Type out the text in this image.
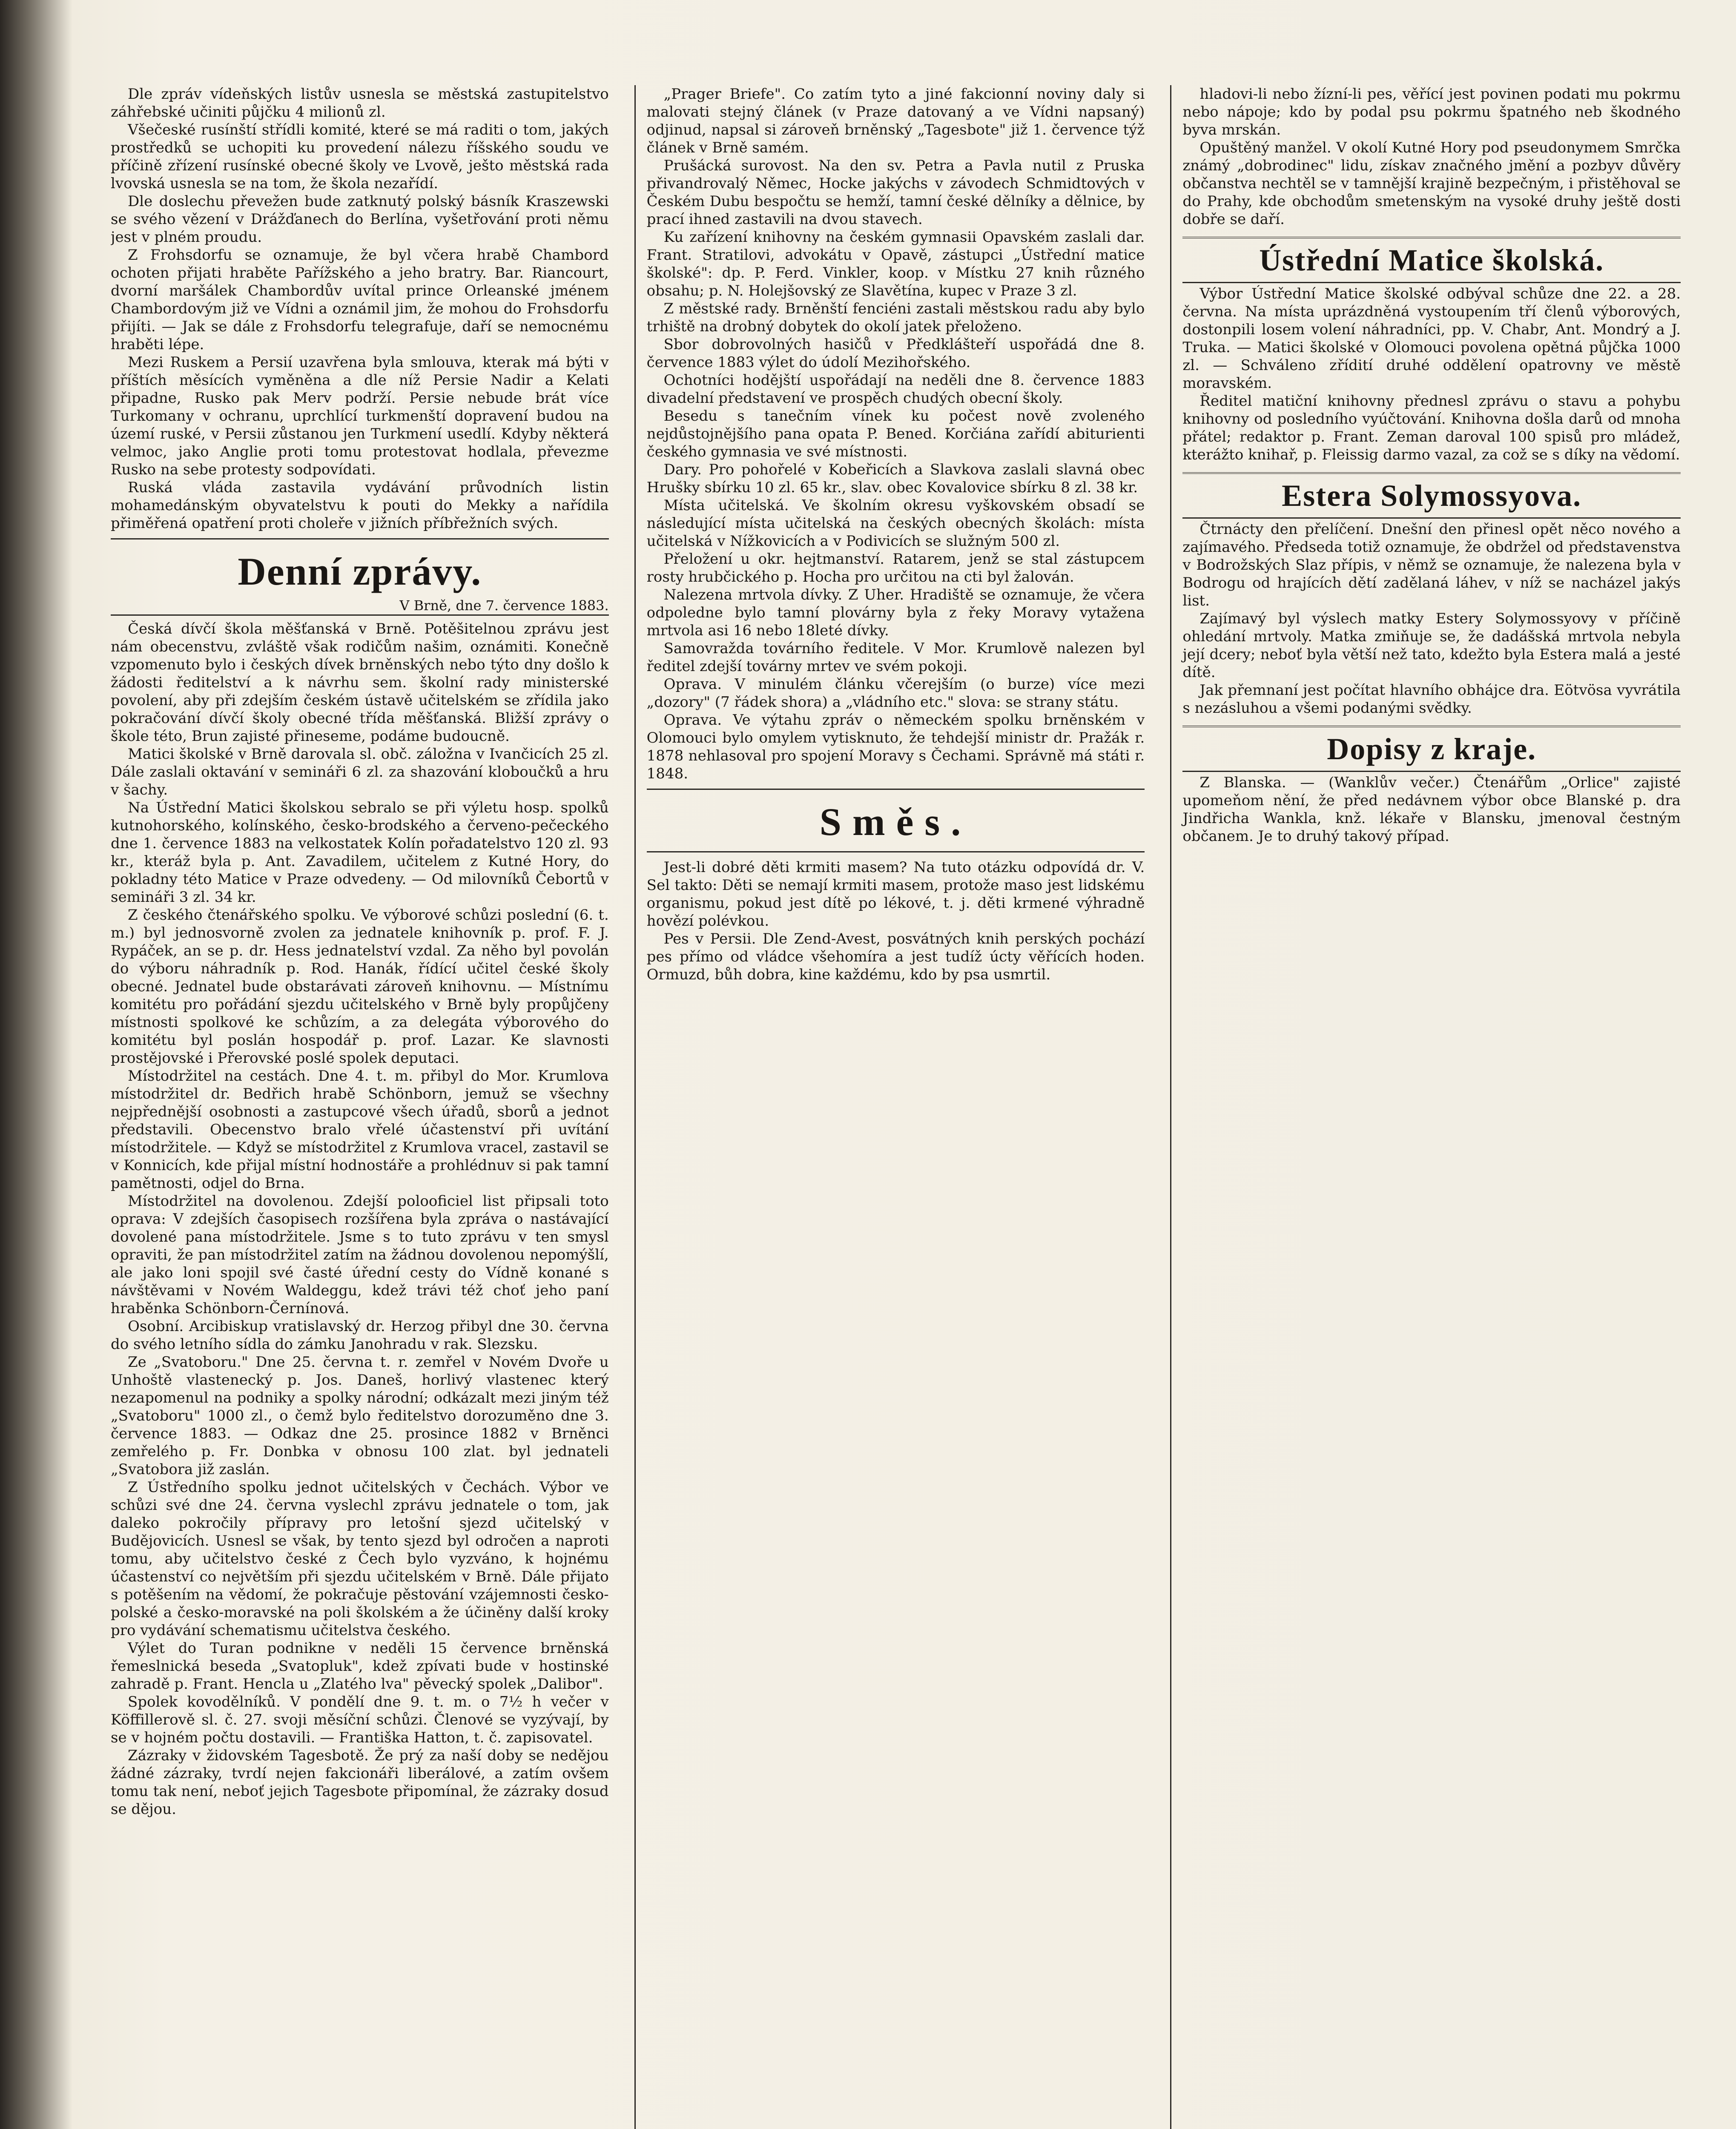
Dle zpráv vídeňských listův usnesla se městská zastupitelstvo záhřebské učiniti půjčku 4 milionů zl.

Všečeské rusínští střídli komité, které se má raditi o tom, jakých prostředků se uchopiti ku provedení nálezu říšského soudu ve příčině zřízení rusínské obecné školy ve Lvově, ješto městská rada lvovská usnesla se na tom, že škola nezařídí.

Dle doslechu převežen bude zatknutý polský básník Kraszewski se svého vězení v Drážďanech do Berlína, vyšetřování proti němu jest v plném proudu.

Z Frohsdorfu se oznamuje, že byl včera hrabě Chambord ochoten přijati hraběte Pařížského a jeho bratry. Bar. Riancourt, dvorní maršálek Chambordův uvítal prince Orleanské jménem Chambordovým již ve Vídni a oznámil jim, že mohou do Frohsdorfu přijíti. — Jak se dále z Frohsdorfu telegrafuje, daří se nemocnému hraběti lépe.

Mezi Ruskem a Persií uzavřena byla smlouva, kterak má býti v příštích měsících vyměněna a dle níž Persie Nadir a Kelati připadne, Rusko pak Merv podrží. Persie nebude brát více Turkomany v ochranu, uprchlící turkmenští dopravení budou na území ruské, v Persii zůstanou jen Turkmení usedlí. Kdyby některá velmoc, jako Anglie proti tomu protestovat hodlala, převezme Rusko na sebe protesty sodpovídati.

Ruská vláda zastavila vydávání průvodních listin mohamedánským obyvatelstvu k pouti do Mekky a nařídila přiměřená opatření proti choleře v jižních příbřežních svých.

Denní zprávy.
V Brně, dne 7. července 1883.

Česká dívčí škola měšťanská v Brně. Potěšitelnou zprávu jest nám obecenstvu, zvláště však rodičům našim, oznámiti. Konečně vzpomenuto bylo i českých dívek brněnských nebo týto dny došlo k žádosti ředitelství a k návrhu sem. školní rady ministerské povolení, aby při zdejším českém ústavě učitelském se zřídila jako pokračování dívčí školy obecné třída měšťanská. Bližší zprávy o škole této, Brun zajisté přineseme, podáme budoucně.

Matici školské v Brně darovala sl. obč. záložna v Ivančicích 25 zl. Dále zaslali oktavání v semináři 6 zl. za shazování kloboučků a hru v šachy.

Na Ústřední Matici školskou sebralo se při výletu hosp. spolků kutnohorského, kolínského, česko-brodského a červeno-pečeckého dne 1. července 1883 na velkostatek Kolín pořadatelstvo 120 zl. 93 kr., kteráž byla p. Ant. Zavadilem, učitelem z Kutné Hory, do pokladny této Matice v Praze odvedeny. — Od milovníků Čebortů v semináři 3 zl. 34 kr.

Z českého čtenářského spolku. Ve výborové schůzi poslední (6. t. m.) byl jednosvorně zvolen za jednatele knihovník p. prof. F. J. Rypáček, an se p. dr. Hess jednatelství vzdal. Za něho byl povolán do výboru náhradník p. Rod. Hanák, řídící učitel české školy obecné. Jednatel bude obstarávati zároveň knihovnu. — Místnímu komitétu pro pořádání sjezdu učitelského v Brně byly propůjčeny místnosti spolkové ke schůzím, a za delegáta výborového do komitétu byl poslán hospodář p. prof. Lazar. Ke slavnosti prostějovské i Přerovské poslé spolek deputaci.

Místodržitel na cestách. Dne 4. t. m. přibyl do Mor. Krumlova místodržitel dr. Bedřich hrabě Schönborn, jemuž se všechny nejpřednější osobnosti a zastupcové všech úřadů, sborů a jednot představili. Obecenstvo bralo vřelé účastenství při uvítání místodržitele. — Když se místodržitel z Krumlova vracel, zastavil se v Konnicích, kde přijal místní hodnostáře a prohlédnuv si pak tamní pamětnosti, odjel do Brna.

Místodržitel na dovolenou. Zdejší polooficiel list připsali toto oprava: V zdejších časopisech rozšířena byla zpráva o nastávající dovolené pana místodržitele. Jsme s to tuto zprávu v ten smysl opraviti, že pan místodržitel zatím na žádnou dovolenou nepomýšlí, ale jako loni spojil své časté úřední cesty do Vídně konané s návštěvami v Novém Waldeggu, kdež trávi též choť jeho paní hraběnka Schönborn-Černínová.

Osobní. Arcibiskup vratislavský dr. Herzog přibyl dne 30. června do svého letního sídla do zámku Janohradu v rak. Slezsku.

Ze „Svatoboru." Dne 25. června t. r. zemřel v Novém Dvoře u Unhoště vlastenecký p. Jos. Daneš, horlivý vlastenec který nezapomenul na podniky a spolky národní; odkázalt mezi jiným též „Svatoboru" 1000 zl., o čemž bylo ředitelstvo dorozuměno dne 3. července 1883. — Odkaz dne 25. prosince 1882 v Brněnci zemřelého p. Fr. Donbka v obnosu 100 zlat. byl jednateli „Svatobora již zaslán.

Z Ústředního spolku jednot učitelských v Čechách. Výbor ve schůzi své dne 24. června vyslechl zprávu jednatele o tom, jak daleko pokročily přípravy pro letošní sjezd učitelský v Budějovicích. Usnesl se však, by tento sjezd byl odročen a naproti tomu, aby učitelstvo české z Čech bylo vyzváno, k hojnému účastenství co největším při sjezdu učitelském v Brně. Dále přijato s potěšením na vědomí, že pokračuje pěstování vzájemnosti česko-polské a česko-moravské na poli školském a že účiněny další kroky pro vydávání schematismu učitelstva českého.

Výlet do Turan podnikne v neděli 15 července brněnská řemeslnická beseda „Svatopluk", kdež zpívati bude v hostinské zahradě p. Frant. Hencla u „Zlatého lva" pěvecký spolek „Dalibor".

Spolek kovodělníků. V pondělí dne 9. t. m. o 7½ h večer v Köffillerově sl. č. 27. svoji měsíční schůzi. Členové se vyzývají, by se v hojném počtu dostavili. — Františka Hatton, t. č. zapisovatel.

Zázraky v židovském Tagesbotě. Že prý za naší doby se nedějou žádné zázraky, tvrdí nejen fakcionáři liberálové, a zatím ovšem tomu tak není, neboť jejich Tagesbote připomínal, že zázraky dosud se dějou.

„Prager Briefe". Co zatím tyto a jiné fakcionní noviny daly si malovati stejný článek (v Praze datovaný a ve Vídni napsaný) odjinud, napsal si zároveň brněnský „Tagesbote" již 1. července týž článek v Brně samém.

Prušácká surovost. Na den sv. Petra a Pavla nutil z Pruska přivandrovalý Němec, Hocke jakýchs v závodech Schmidtových v Českém Dubu bespočtu se hemží, tamní české dělníky a dělnice, by prací ihned zastavili na dvou stavech.

Ku zařízení knihovny na českém gymnasii Opavském zaslali dar. Frant. Stratilovi, advokátu v Opavě, zástupci „Ústřední matice školské": dp. P. Ferd. Vinkler, koop. v Místku 27 knih různého obsahu; p. N. Holejšovský ze Slavětína, kupec v Praze 3 zl.

Z městské rady. Brněnští fenciéni zastali městskou radu aby bylo trhiště na drobný dobytek do okolí jatek přeloženo.

Sbor dobrovolných hasičů v Předklášteří uspořádá dne 8. července 1883 výlet do údolí Mezihořského.

Ochotníci hodějští uspořádají na neděli dne 8. července 1883 divadelní představení ve prospěch chudých obecní školy.

Besedu s tanečním vínek ku počest nově zvoleného nejdůstojnějšího pana opata P. Bened. Korčiána zařídí abiturienti českého gymnasia ve své místnosti.

Dary. Pro pohořelé v Kobeřicích a Slavkova zaslali slavná obec Hrušky sbírku 10 zl. 65 kr., slav. obec Kovalovice sbírku 8 zl. 38 kr.

Místa učitelská. Ve školním okresu vyškovském obsadí se následující místa učitelská na českých obecných školách: místa učitelská v Nížkovicích a v Podivicích se služným 500 zl.

Přeložení u okr. hejtmanství. Ratarem, jenž se stal zástupcem rosty hrubčického p. Hocha pro určitou na cti byl žalován.

Nalezena mrtvola dívky. Z Uher. Hradiště se oznamuje, že včera odpoledne bylo tamní plovárny byla z řeky Moravy vytažena mrtvola asi 16 nebo 18leté dívky.

Samovražda továrního ředitele. V Mor. Krumlově nalezen byl ředitel zdejší továrny mrtev ve svém pokoji.

Oprava. V minulém článku včerejším (o burze) více mezi „dozory" (7 řádek shora) a „vládního etc." slova: se strany státu.

Oprava. Ve výtahu zpráv o německém spolku brněnském v Olomouci bylo omylem vytisknuto, že tehdejší ministr dr. Pražák r. 1878 nehlasoval pro spojení Moravy s Čechami. Správně má státi r. 1848.

Směs.

Jest-li dobré děti krmiti masem? Na tuto otázku odpovídá dr. V. Sel takto: Děti se nemají krmiti masem, protože maso jest lidskému organismu, pokud jest dítě po lékové, t. j. děti krmené výhradně hovězí polévkou.

Pes v Persii. Dle Zend-Avest, posvátných knih perských pochází pes přímo od vládce všehomíra a jest tudíž úcty věřících hoden. Ormuzd, bůh dobra, kine každému, kdo by psa usmrtil.

hladovi-li nebo žízní-li pes, věřící jest povinen podati mu pokrmu nebo nápoje; kdo by podal psu pokrmu špatného neb škodného byva mrskán.

Opuštěný manžel. V okolí Kutné Hory pod pseudonymem Smrčka známý „dobrodinec" lidu, získav značného jmění a pozbyv důvěry občanstva nechtěl se v tamnější krajině bezpečným, i přistěhoval se do Prahy, kde obchodům smetenským na vysoké druhy ještě dosti dobře se daří.

Ústřední Matice školská.

Výbor Ústřední Matice školské odbýval schůze dne 22. a 28. června. Na místa uprázdněná vystoupením tří členů výborových, dostonpili losem volení náhradníci, pp. V. Chabr, Ant. Mondrý a J. Truka. — Matici školské v Olomouci povolena opětná půjčka 1000 zl. — Schváleno zřídití druhé oddělení opatrovny ve městě moravském.

Ředitel matiční knihovny přednesl zprávu o stavu a pohybu knihovny od posledního vyúčtování. Knihovna došla darů od mnoha přátel; redaktor p. Frant. Zeman daroval 100 spisů pro mládež, kterážto knihař, p. Fleissig darmo vazal, za což se s díky na vědomí.

Estera Solymossyova.

Čtrnácty den přelíčení. Dnešní den přinesl opět něco nového a zajímavého. Předseda totiž oznamuje, že obdržel od představenstva v Bodrožských Slaz přípis, v němž se oznamuje, že nalezena byla v Bodrogu od hrajících dětí zadělaná láhev, v níž se nacházel jakýs list.

Zajímavý byl výslech matky Estery Solymossyovy v příčině ohledání mrtvoly. Matka zmiňuje se, že dadášská mrtvola nebyla její dcery; neboť byla větší než tato, kdežto byla Estera malá a jesté dítě.

Jak přemnaní jest počítat hlavního obhájce dra. Eötvösa vyvrátila s nezásluhou a všemi podanými svědky.

Dopisy z kraje.

Z Blanska. — (Wanklův večer.) Čtenářům „Orlice" zajisté upomeňom nění, že před nedávnem výbor obce Blanské p. dra Jindřicha Wankla, knž. lékaře v Blansku, jmenoval čestným občanem. Je to druhý takový případ.
